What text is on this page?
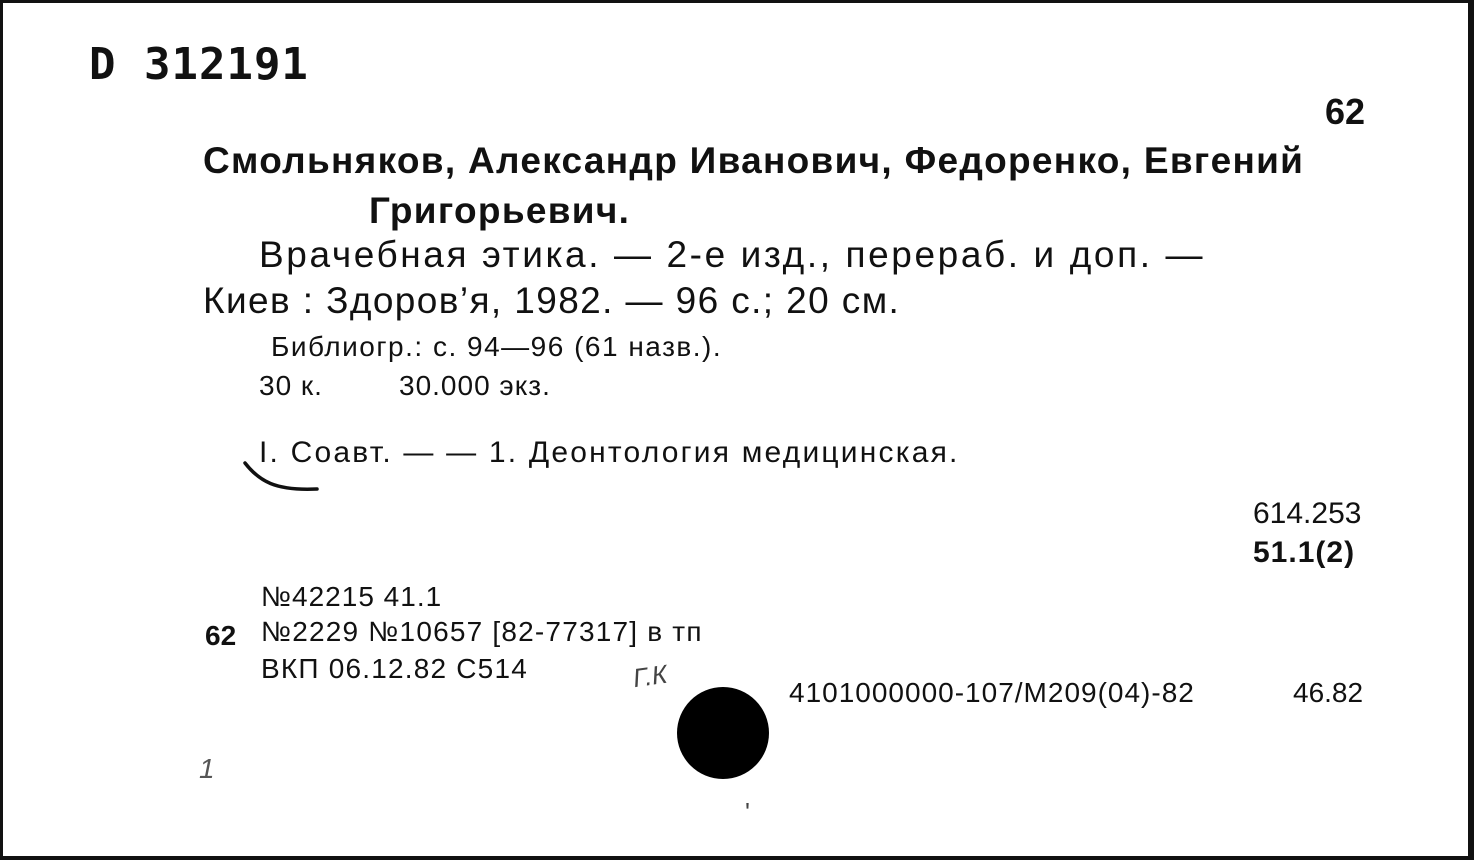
D 312191
62
Смольняков, Александр Иванович, Федоренко, Евгений
Григорьевич.
Врачебная этика. — 2-е изд., перераб. и доп. —
Киев : Здоров’я, 1982. — 96 с.; 20 см.
Библиогр.: с. 94—96 (61 назв.).
30 к.	30.000 экз.
I. Соавт. — — 1. Деонтология медицинская.
614.253
51.1(2)
№42215 41.1
62 №2229 №10657 [82-77317] в тп
ВКП 06.12.82 С514	Г.К	4101000000-107/М209(04)-82	46.82
1
'
